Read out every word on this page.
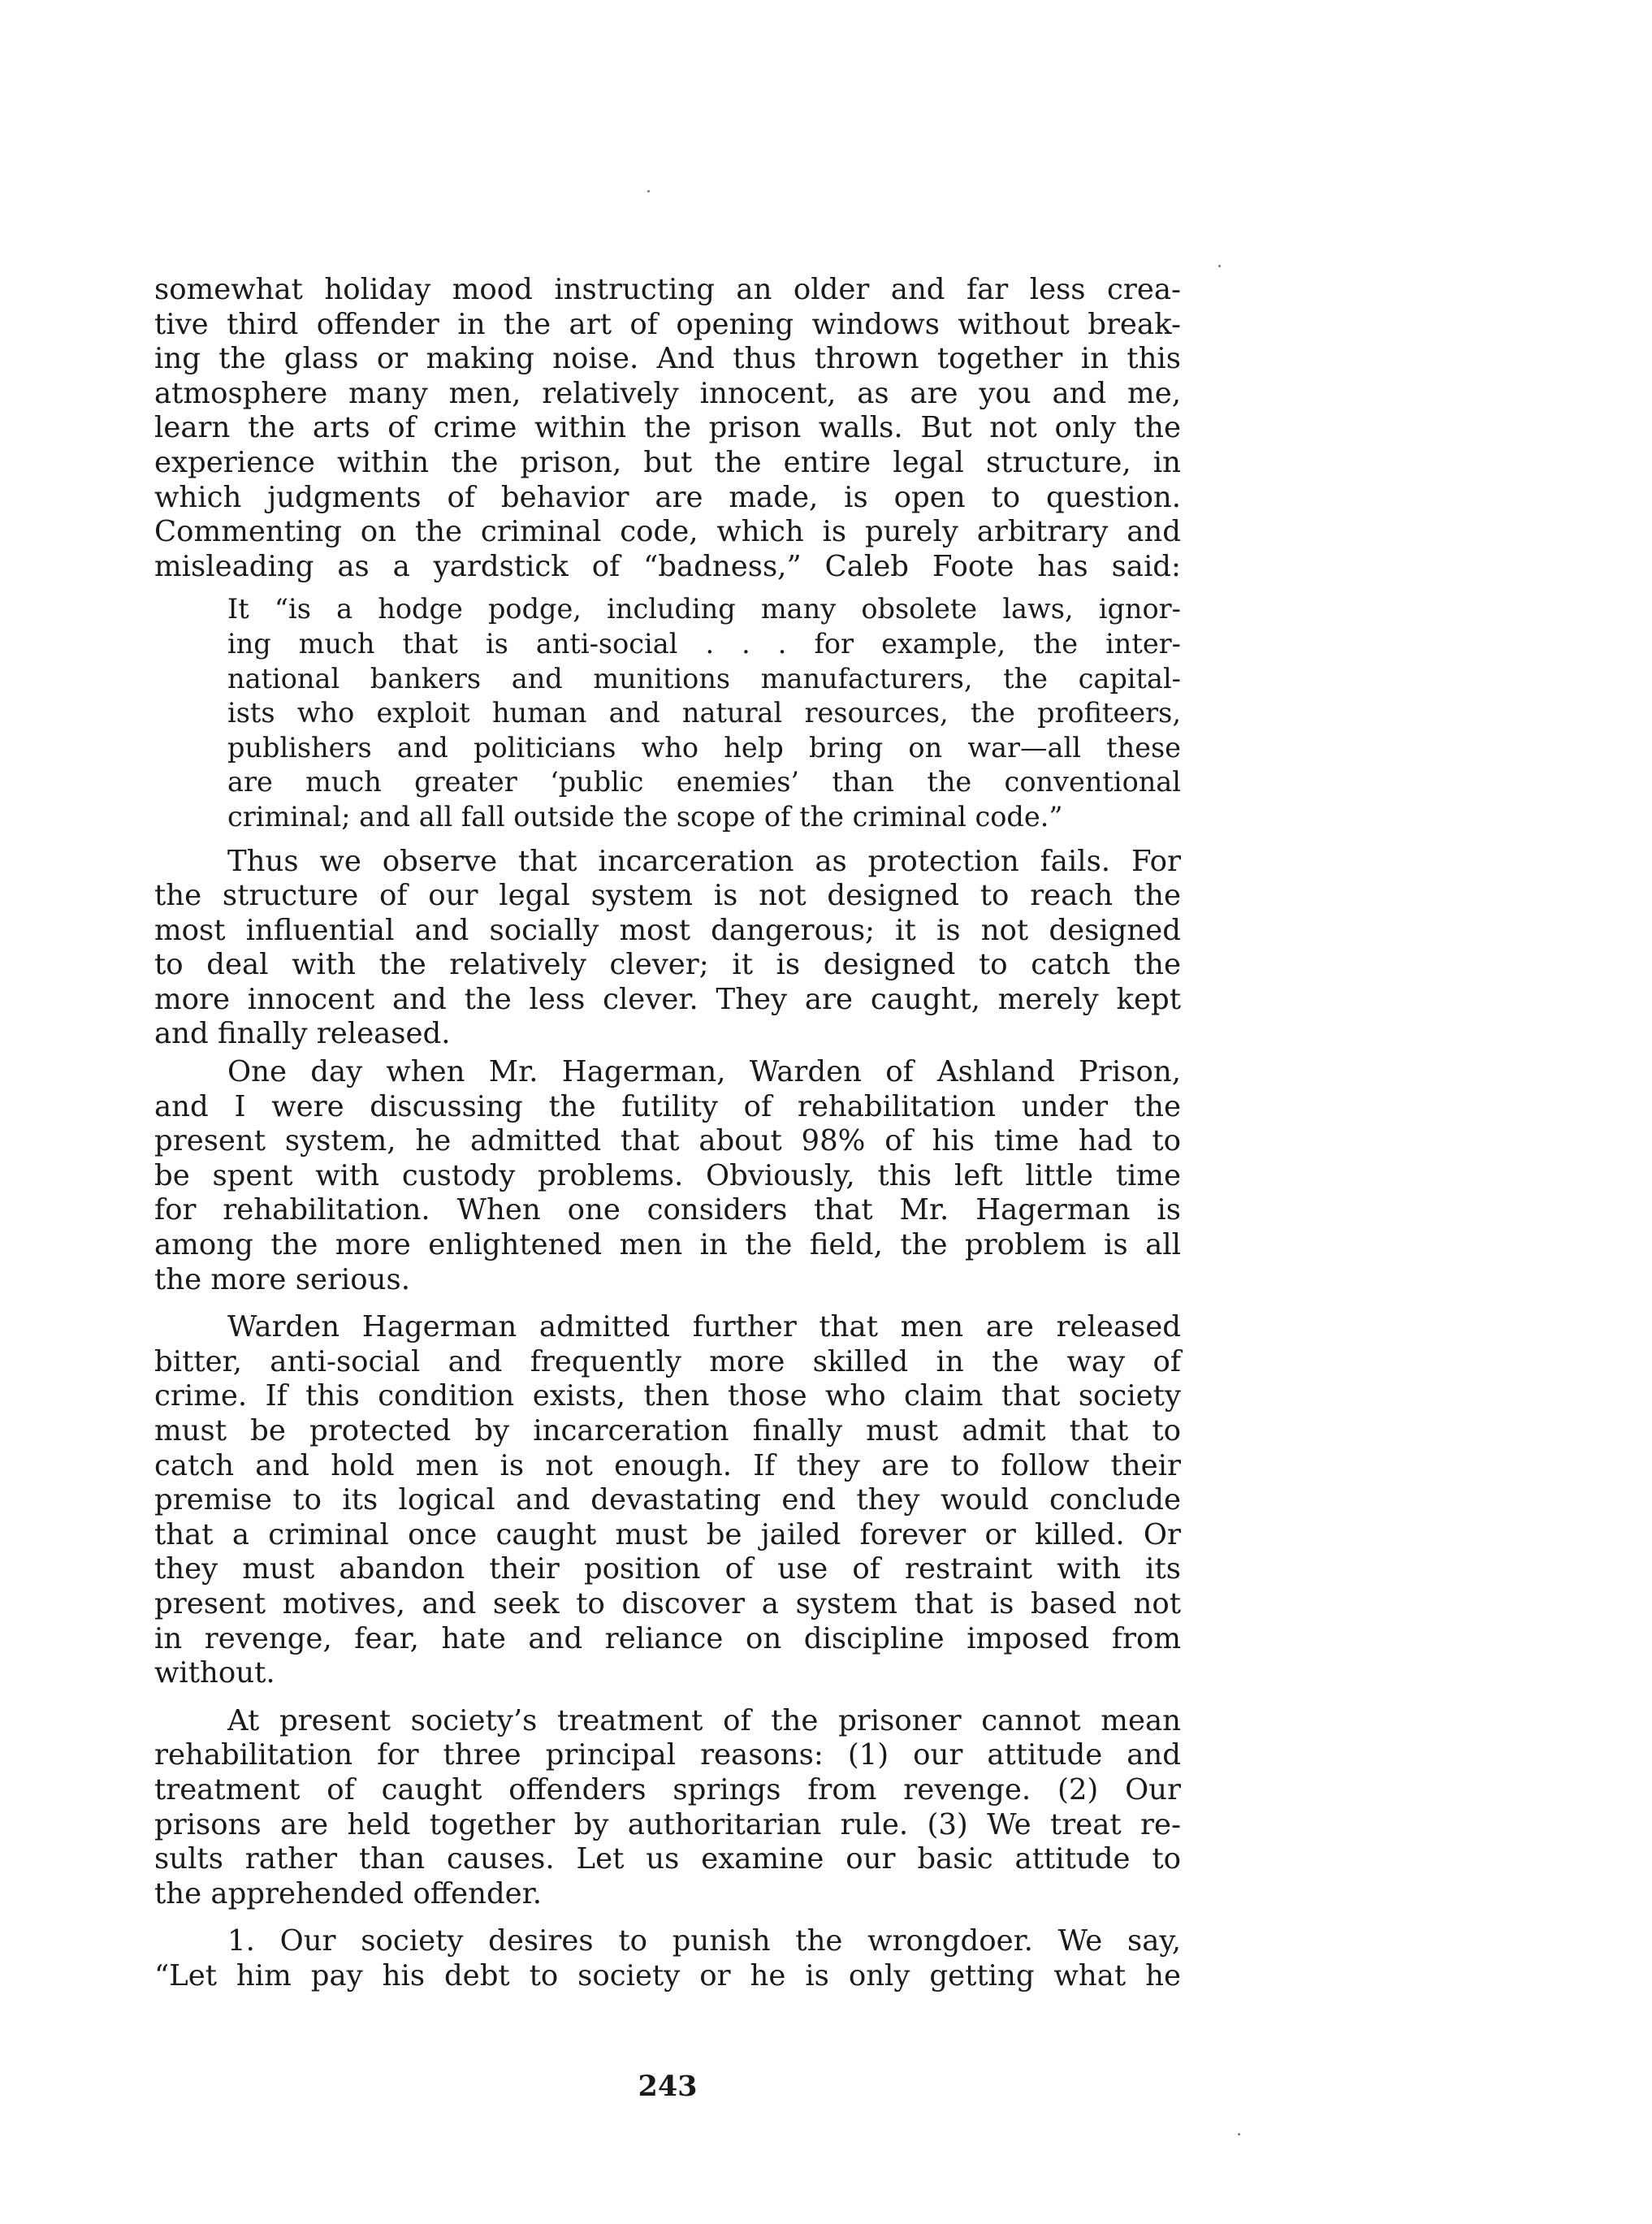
somewhat holiday mood instructing an older and far less crea-
tive third offender in the art of opening windows without break-
ing the glass or making noise. And thus thrown together in this
atmosphere many men, relatively innocent, as are you and me,
learn the arts of crime within the prison walls. But not only the
experience within the prison, but the entire legal structure, in
which judgments of behavior are made, is open to question.
Commenting on the criminal code, which is purely arbitrary and
misleading as a yardstick of “badness,” Caleb Foote has said:
It “is a hodge podge, including many obsolete laws, ignor-
ing much that is anti-social . . . for example, the inter-
national bankers and munitions manufacturers, the capital-
ists who exploit human and natural resources, the profiteers,
publishers and politicians who help bring on war—all these
are much greater ‘public enemies’ than the conventional
criminal; and all fall outside the scope of the criminal code.”
Thus we observe that incarceration as protection fails. For
the structure of our legal system is not designed to reach the
most influential and socially most dangerous; it is not designed
to deal with the relatively clever; it is designed to catch the
more innocent and the less clever. They are caught, merely kept
and finally released.
One day when Mr. Hagerman, Warden of Ashland Prison,
and I were discussing the futility of rehabilitation under the
present system, he admitted that about 98% of his time had to
be spent with custody problems. Obviously, this left little time
for rehabilitation. When one considers that Mr. Hagerman is
among the more enlightened men in the field, the problem is all
the more serious.
Warden Hagerman admitted further that men are released
bitter, anti-social and frequently more skilled in the way of
crime. If this condition exists, then those who claim that society
must be protected by incarceration finally must admit that to
catch and hold men is not enough. If they are to follow their
premise to its logical and devastating end they would conclude
that a criminal once caught must be jailed forever or killed. Or
they must abandon their position of use of restraint with its
present motives, and seek to discover a system that is based not
in revenge, fear, hate and reliance on discipline imposed from
without.
At present society’s treatment of the prisoner cannot mean
rehabilitation for three principal reasons: (1) our attitude and
treatment of caught offenders springs from revenge. (2) Our
prisons are held together by authoritarian rule. (3) We treat re-
sults rather than causes. Let us examine our basic attitude to
the apprehended offender.
1. Our society desires to punish the wrongdoer. We say,
“Let him pay his debt to society or he is only getting what he
243
